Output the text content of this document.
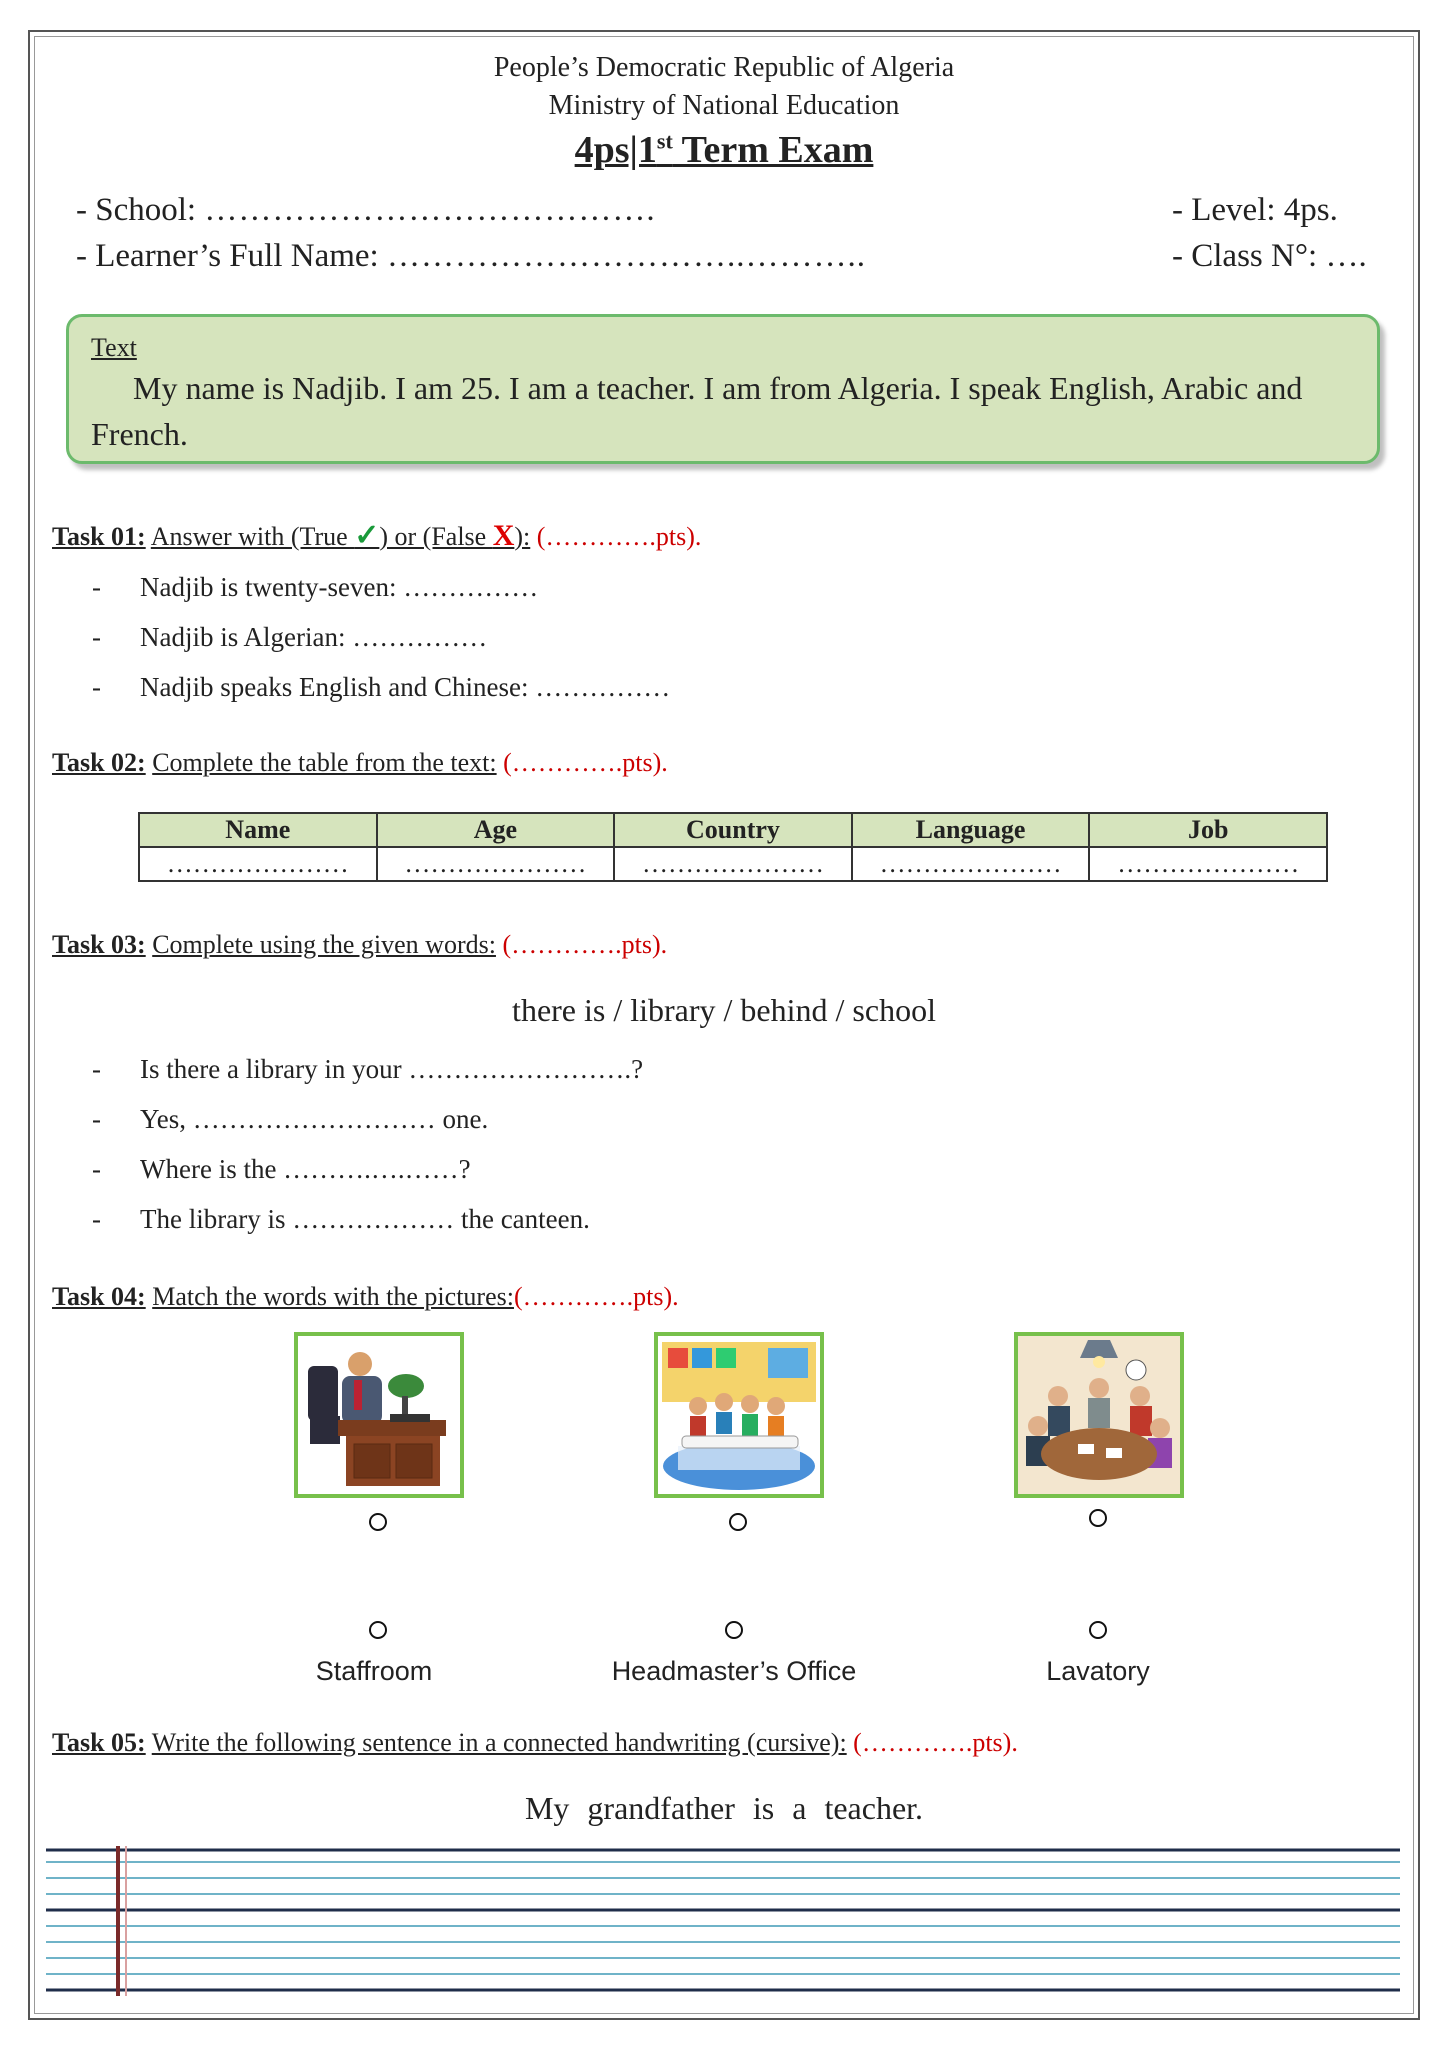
People’s Democratic Republic of Algeria
Ministry of National Education
4ps|1st Term Exam
- School: ………………………………….
- Learner’s Full Name: …………………………..………..
- Level: 4ps.
- Class N°: ….
Text
My name is Nadjib. I am 25. I am a teacher. I am from Algeria. I speak English, Arabic and French.
Task 01: Answer with (True ✓) or (False X): (………….pts).
- Nadjib is twenty-seven: ……………
- Nadjib is Algerian: ……………
- Nadjib speaks English and Chinese: ……………
Task 02: Complete the table from the text: (………….pts).
Name	Age	Country	Language	Job
…………………	…………………	…………………	…………………	…………………
Task 03: Complete using the given words: (………….pts).
there is / library / behind / school
- Is there a library in your …………………….?
- Yes, ……………………… one.
- Where is the ……….….……?
- The library is ……………… the canteen.
Task 04: Match the words with the pictures:(………….pts).
Staffroom	Headmaster’s Office	Lavatory
Task 05: Write the following sentence in a connected handwriting (cursive): (………….pts).
My grandfather is a teacher.
